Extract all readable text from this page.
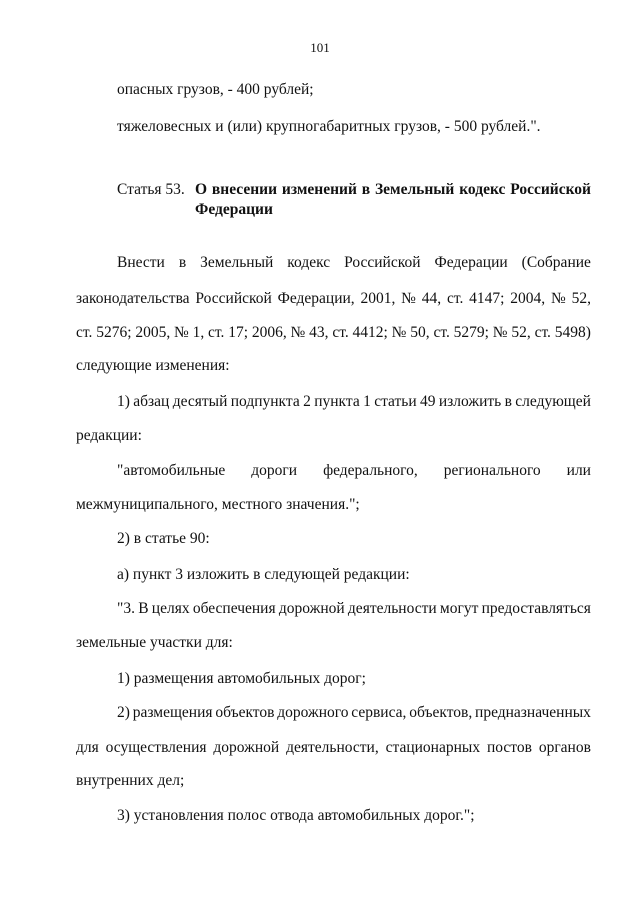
101
опасных грузов, - 400 рублей;
тяжеловесных и (или) крупногабаритных грузов, - 500 рублей.".
Статья 53. О внесении изменений в Земельный кодекс Российской
Федерации
Внести в Земельный кодекс Российской Федерации (Собрание
законодательства Российской Федерации, 2001, № 44, ст. 4147; 2004, № 52,
ст. 5276; 2005, № 1, ст. 17; 2006, № 43, ст. 4412; № 50, ст. 5279; № 52, ст. 5498)
следующие изменения:
1) абзац десятый подпункта 2 пункта 1 статьи 49 изложить в следующей
редакции:
"автомобильные дороги федерального, регионального или
межмуниципального, местного значения.";
2) в статье 90:
а) пункт 3 изложить в следующей редакции:
"3. В целях обеспечения дорожной деятельности могут предоставляться
земельные участки для:
1) размещения автомобильных дорог;
2) размещения объектов дорожного сервиса, объектов, предназначенных
для осуществления дорожной деятельности, стационарных постов органов
внутренних дел;
3) установления полос отвода автомобильных дорог.";
